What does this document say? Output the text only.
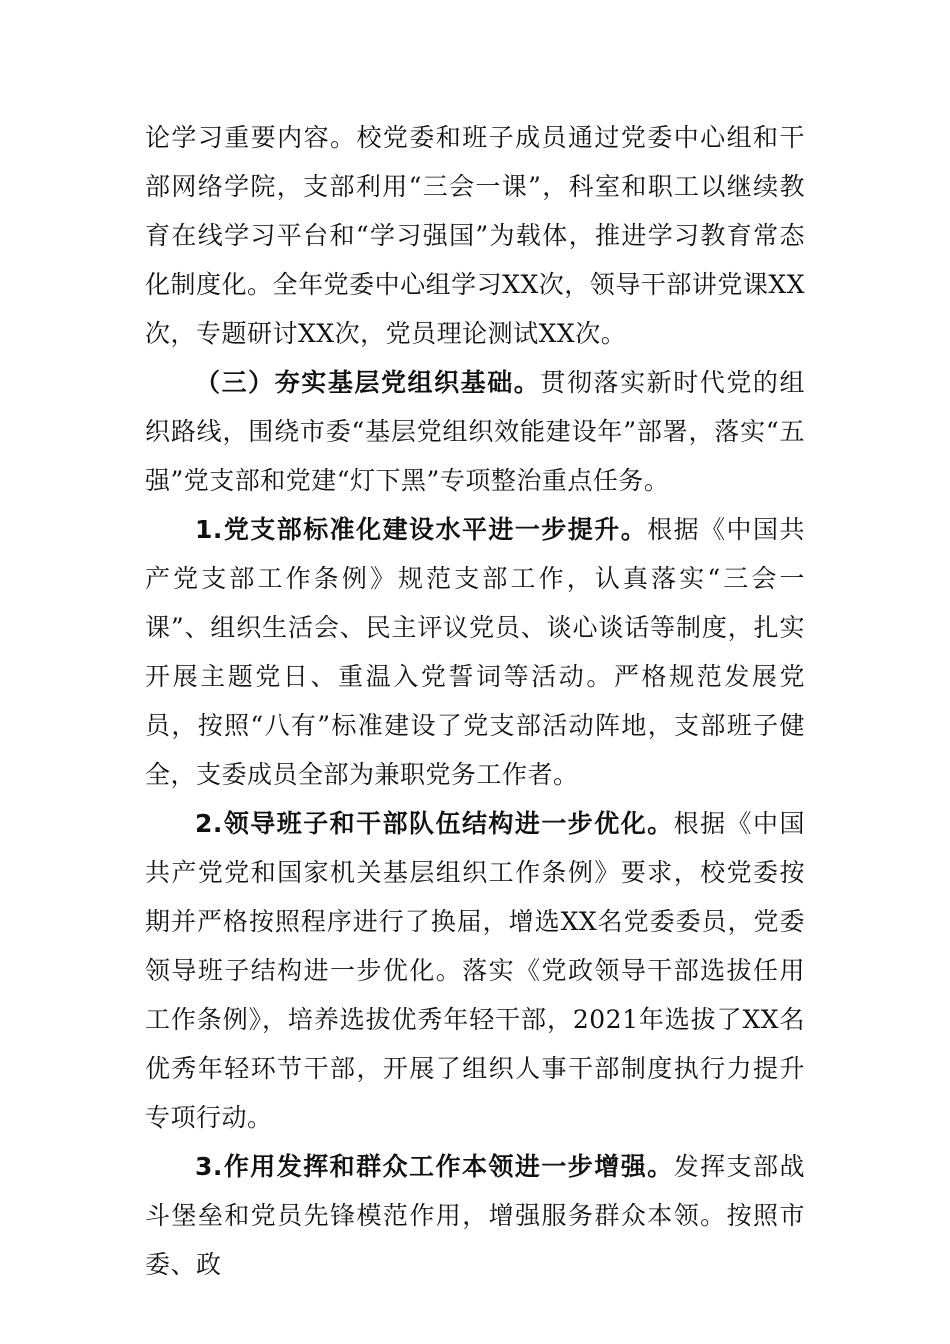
论学习重要内容。校党委和班子成员通过党委中心组和干部网络学院，支部利用“三会一课”，科室和职工以继续教育在线学习平台和“学习强国”为载体，推进学习教育常态化制度化。全年党委中心组学习XX次，领导干部讲党课XX次，专题研讨XX次，党员理论测试XX次。

（三）夯实基层党组织基础。贯彻落实新时代党的组织路线，围绕市委“基层党组织效能建设年”部署，落实“五强”党支部和党建“灯下黑”专项整治重点任务。

1.党支部标准化建设水平进一步提升。根据《中国共产党支部工作条例》规范支部工作，认真落实“三会一课”、组织生活会、民主评议党员、谈心谈话等制度，扎实开展主题党日、重温入党誓词等活动。严格规范发展党员，按照“八有”标准建设了党支部活动阵地，支部班子健全，支委成员全部为兼职党务工作者。

2.领导班子和干部队伍结构进一步优化。根据《中国共产党党和国家机关基层组织工作条例》要求，校党委按期并严格按照程序进行了换届，增选XX名党委委员，党委领导班子结构进一步优化。落实《党政领导干部选拔任用工作条例》，培养选拔优秀年轻干部，2021年选拔了XX名优秀年轻环节干部，开展了组织人事干部制度执行力提升专项行动。

3.作用发挥和群众工作本领进一步增强。发挥支部战斗堡垒和党员先锋模范作用，增强服务群众本领。按照市委、政
